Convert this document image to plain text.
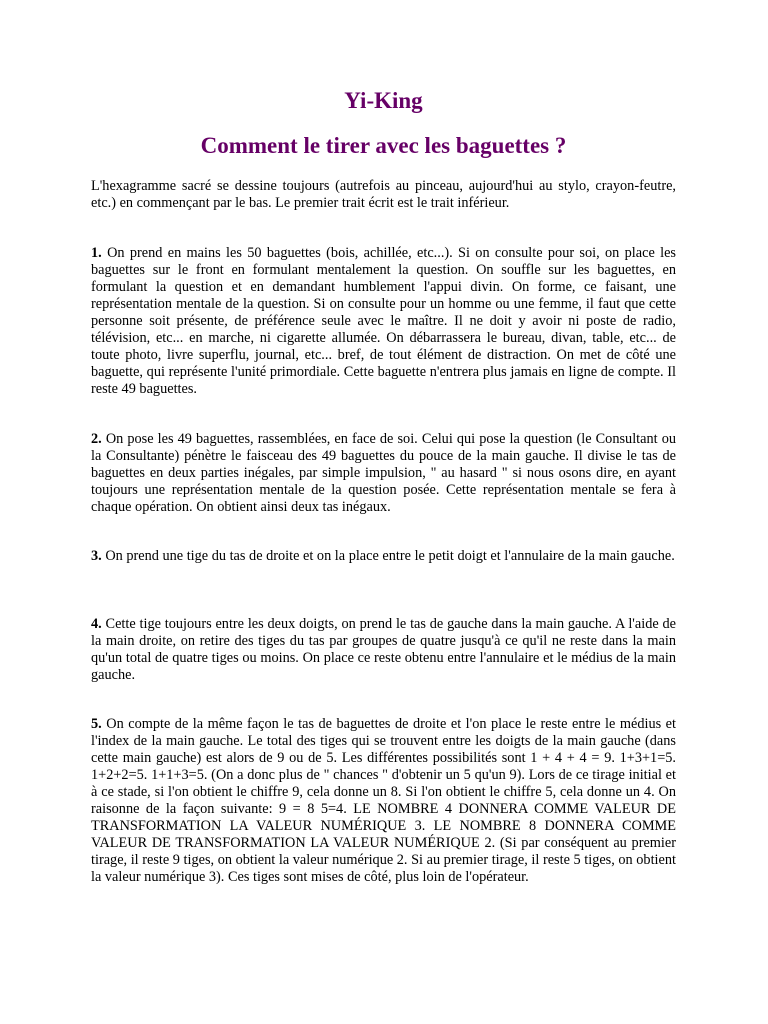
Yi-King
Comment le tirer avec les baguettes ?

L'hexagramme sacré se dessine toujours (autrefois au pinceau, aujourd'hui au stylo, crayon-feutre, etc.) en commençant par le bas. Le premier trait écrit est le trait inférieur.

1. On prend en mains les 50 baguettes (bois, achillée, etc...). Si on consulte pour soi, on place les baguettes sur le front en formulant mentalement la question. On souffle sur les baguettes, en formulant la question et en demandant humblement l'appui divin. On forme, ce faisant, une représentation mentale de la question. Si on consulte pour un homme ou une femme, il faut que cette personne soit présente, de préférence seule avec le maître. Il ne doit y avoir ni poste de radio, télévision, etc... en marche, ni cigarette allumée. On débarrassera le bureau, divan, table, etc... de toute photo, livre superflu, journal, etc... bref, de tout élément de distraction. On met de côté une baguette, qui représente l'unité primordiale. Cette baguette n'entrera plus jamais en ligne de compte. Il reste 49 baguettes.

2. On pose les 49 baguettes, rassemblées, en face de soi. Celui qui pose la question (le Consultant ou la Consultante) pénètre le faisceau des 49 baguettes du pouce de la main gauche. Il divise le tas de baguettes en deux parties inégales, par simple impulsion, " au hasard " si nous osons dire, en ayant toujours une représentation mentale de la question posée. Cette représentation mentale se fera à chaque opération. On obtient ainsi deux tas inégaux.

3. On prend une tige du tas de droite et on la place entre le petit doigt et l'annulaire de la main gauche.

4. Cette tige toujours entre les deux doigts, on prend le tas de gauche dans la main gauche. A l'aide de la main droite, on retire des tiges du tas par groupes de quatre jusqu'à ce qu'il ne reste dans la main qu'un total de quatre tiges ou moins. On place ce reste obtenu entre l'annulaire et le médius de la main gauche.

5. On compte de la même façon le tas de baguettes de droite et l'on place le reste entre le médius et l'index de la main gauche. Le total des tiges qui se trouvent entre les doigts de la main gauche (dans cette main gauche) est alors de 9 ou de 5. Les différentes possibilités sont 1 + 4 + 4 = 9. 1+3+1=5. 1+2+2=5. 1+1+3=5. (On a donc plus de " chances " d'obtenir un 5 qu'un 9). Lors de ce tirage initial et à ce stade, si l'on obtient le chiffre 9, cela donne un 8. Si l'on obtient le chiffre 5, cela donne un 4. On raisonne de la façon suivante: 9 = 8 5=4. LE NOMBRE 4 DONNERA COMME VALEUR DE TRANSFORMATION LA VALEUR NUMÉRIQUE 3. LE NOMBRE 8 DONNERA COMME VALEUR DE TRANSFORMATION LA VALEUR NUMÉRIQUE 2. (Si par conséquent au premier tirage, il reste 9 tiges, on obtient la valeur numérique 2. Si au premier tirage, il reste 5 tiges, on obtient la valeur numérique 3). Ces tiges sont mises de côté, plus loin de l'opérateur.
